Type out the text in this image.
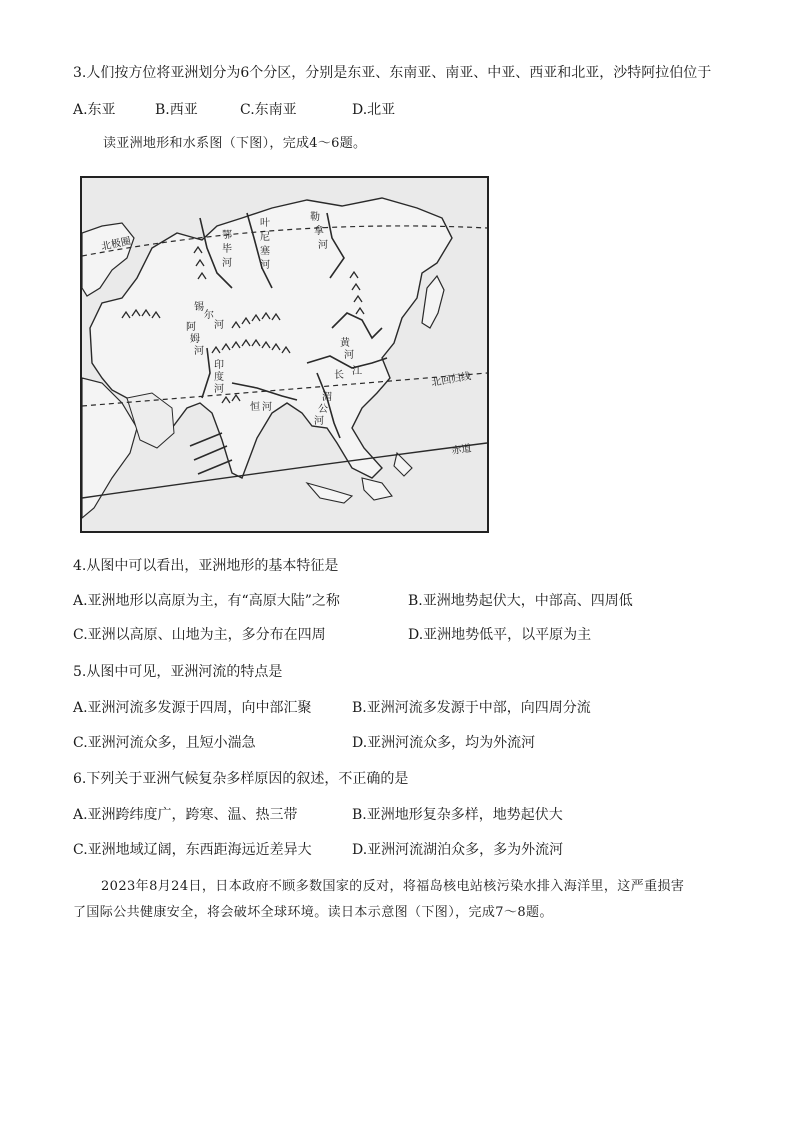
3.人们按方位将亚洲划分为6个分区，分别是东亚、东南亚、南亚、中亚、西亚和北亚，沙特阿拉伯位于
A.东亚	B.西亚	C.东南亚	D.北亚
读亚洲地形和水系图（下图），完成4～6题。
北极圈
北回归线
赤道
鄂
毕
河
叶
尼
塞
河
勒
拿
河
锡
尔
河
阿
姆
河
印
度
河
恒 河
黄
河
长 江
湄
公
河
4.从图中可以看出，亚洲地形的基本特征是
A.亚洲地形以高原为主，有“高原大陆”之称	B.亚洲地势起伏大，中部高、四周低
C.亚洲以高原、山地为主，多分布在四周	D.亚洲地势低平，以平原为主
5.从图中可见，亚洲河流的特点是
A.亚洲河流多发源于四周，向中部汇聚	B.亚洲河流多发源于中部，向四周分流
C.亚洲河流众多，且短小湍急	D.亚洲河流众多，均为外流河
6.下列关于亚洲气候复杂多样原因的叙述，不正确的是
A.亚洲跨纬度广，跨寒、温、热三带	B.亚洲地形复杂多样，地势起伏大
C.亚洲地域辽阔，东西距海远近差异大	D.亚洲河流湖泊众多，多为外流河
2023年8月24日，日本政府不顾多数国家的反对，将福岛核电站核污染水排入海洋里，这严重损害
了国际公共健康安全，将会破坏全球环境。读日本示意图（下图），完成7～8题。
